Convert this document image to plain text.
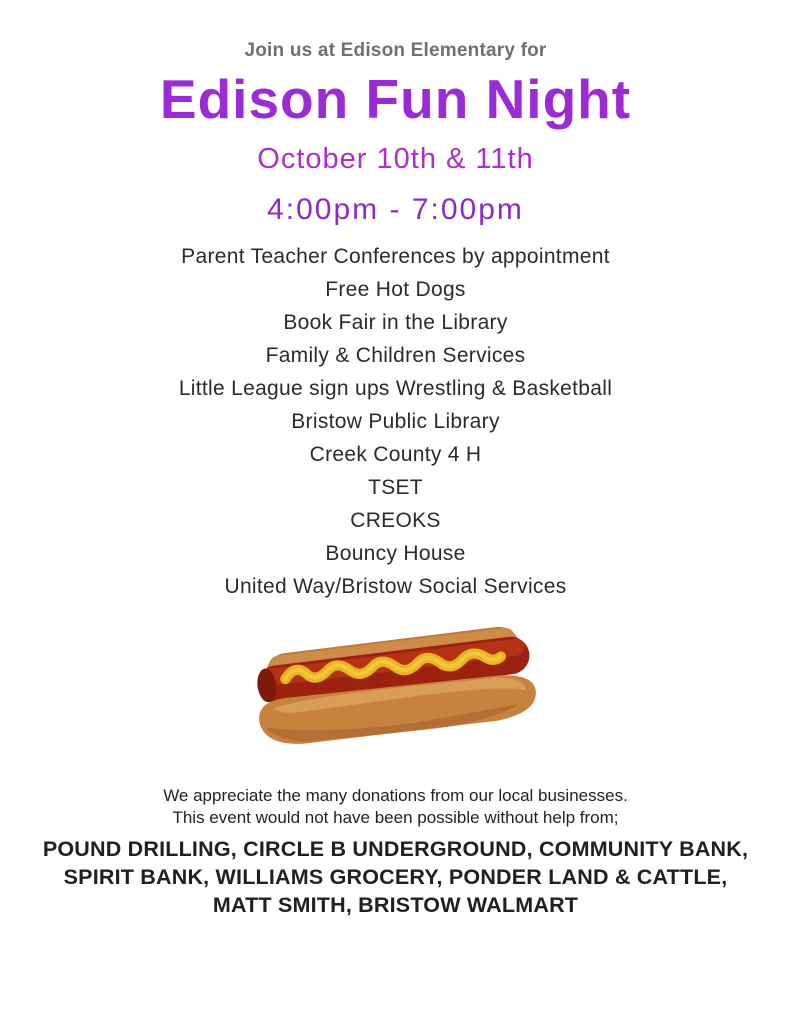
Join us at Edison Elementary for
Edison Fun Night
October 10th & 11th
4:00pm - 7:00pm
Parent Teacher Conferences by appointment
Free Hot Dogs
Book Fair in the Library
Family & Children Services
Little League sign ups Wrestling & Basketball
Bristow Public Library
Creek County 4 H
TSET
CREOKS
Bouncy House
United Way/Bristow Social Services
We appreciate the many donations from our local businesses.
This event would not have been possible without help from;
POUND DRILLING, CIRCLE B UNDERGROUND, COMMUNITY BANK,
SPIRIT BANK, WILLIAMS GROCERY, PONDER LAND & CATTLE,
MATT SMITH, BRISTOW WALMART
